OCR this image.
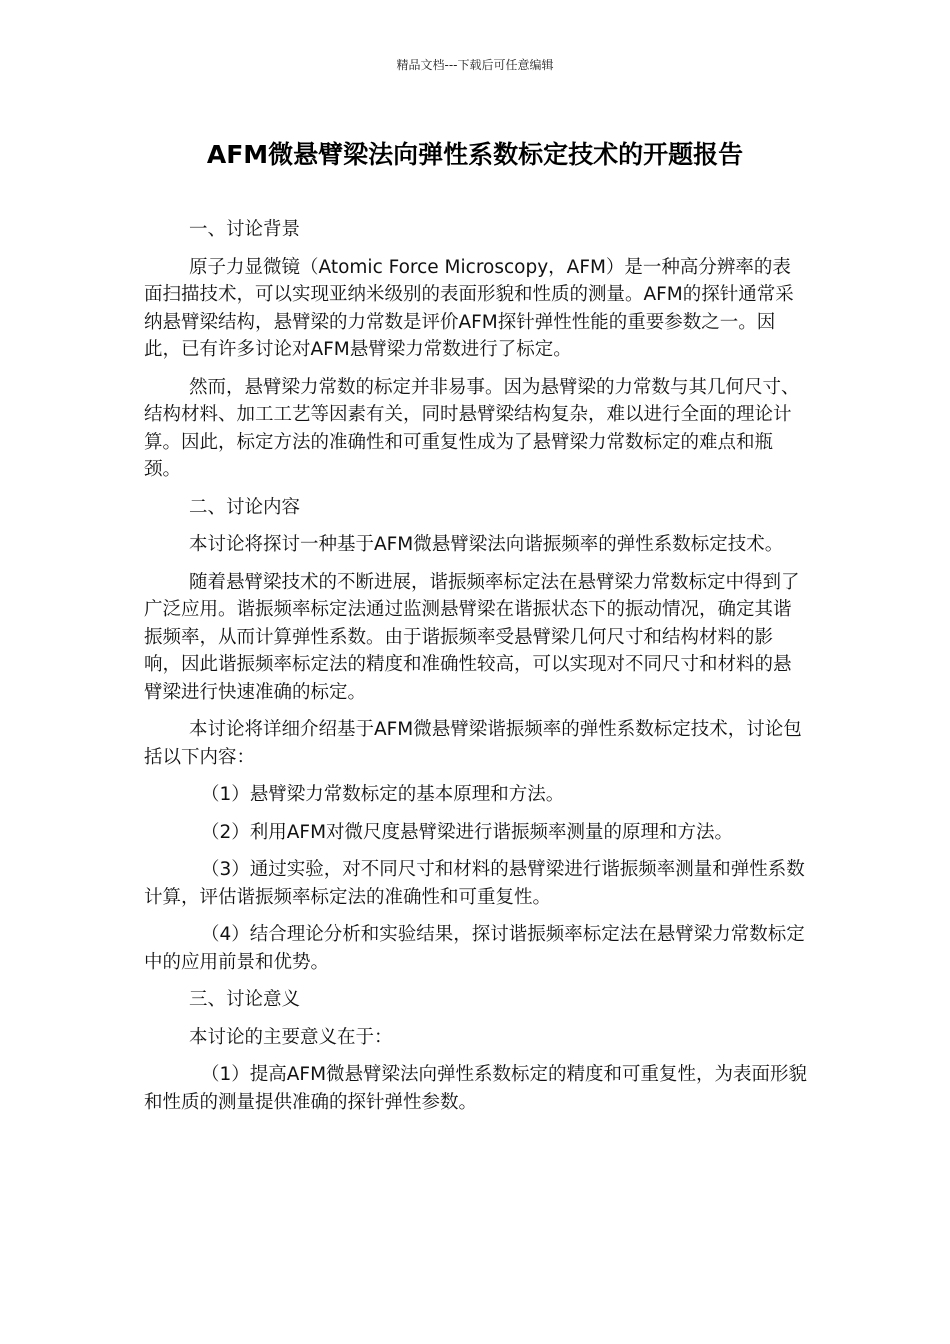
精品文档---下载后可任意编辑
AFM微悬臂梁法向弹性系数标定技术的开题报告

一、讨论背景

原子力显微镜（Atomic Force Microscopy，AFM）是一种高分辨率的表面扫描技术，可以实现亚纳米级别的表面形貌和性质的测量。AFM的探针通常采纳悬臂梁结构，悬臂梁的力常数是评价AFM探针弹性性能的重要参数之一。因此，已有许多讨论对AFM悬臂梁力常数进行了标定。

然而，悬臂梁力常数的标定并非易事。因为悬臂梁的力常数与其几何尺寸、结构材料、加工工艺等因素有关，同时悬臂梁结构复杂，难以进行全面的理论计算。因此，标定方法的准确性和可重复性成为了悬臂梁力常数标定的难点和瓶颈。

二、讨论内容

本讨论将探讨一种基于AFM微悬臂梁法向谐振频率的弹性系数标定技术。

随着悬臂梁技术的不断进展，谐振频率标定法在悬臂梁力常数标定中得到了广泛应用。谐振频率标定法通过监测悬臂梁在谐振状态下的振动情况，确定其谐振频率，从而计算弹性系数。由于谐振频率受悬臂梁几何尺寸和结构材料的影响，因此谐振频率标定法的精度和准确性较高，可以实现对不同尺寸和材料的悬臂梁进行快速准确的标定。

本讨论将详细介绍基于AFM微悬臂梁谐振频率的弹性系数标定技术，讨论包括以下内容：

（1）悬臂梁力常数标定的基本原理和方法。

（2）利用AFM对微尺度悬臂梁进行谐振频率测量的原理和方法。

（3）通过实验，对不同尺寸和材料的悬臂梁进行谐振频率测量和弹性系数计算，评估谐振频率标定法的准确性和可重复性。

（4）结合理论分析和实验结果，探讨谐振频率标定法在悬臂梁力常数标定中的应用前景和优势。

三、讨论意义

本讨论的主要意义在于：

（1）提高AFM微悬臂梁法向弹性系数标定的精度和可重复性，为表面形貌和性质的测量提供准确的探针弹性参数。
